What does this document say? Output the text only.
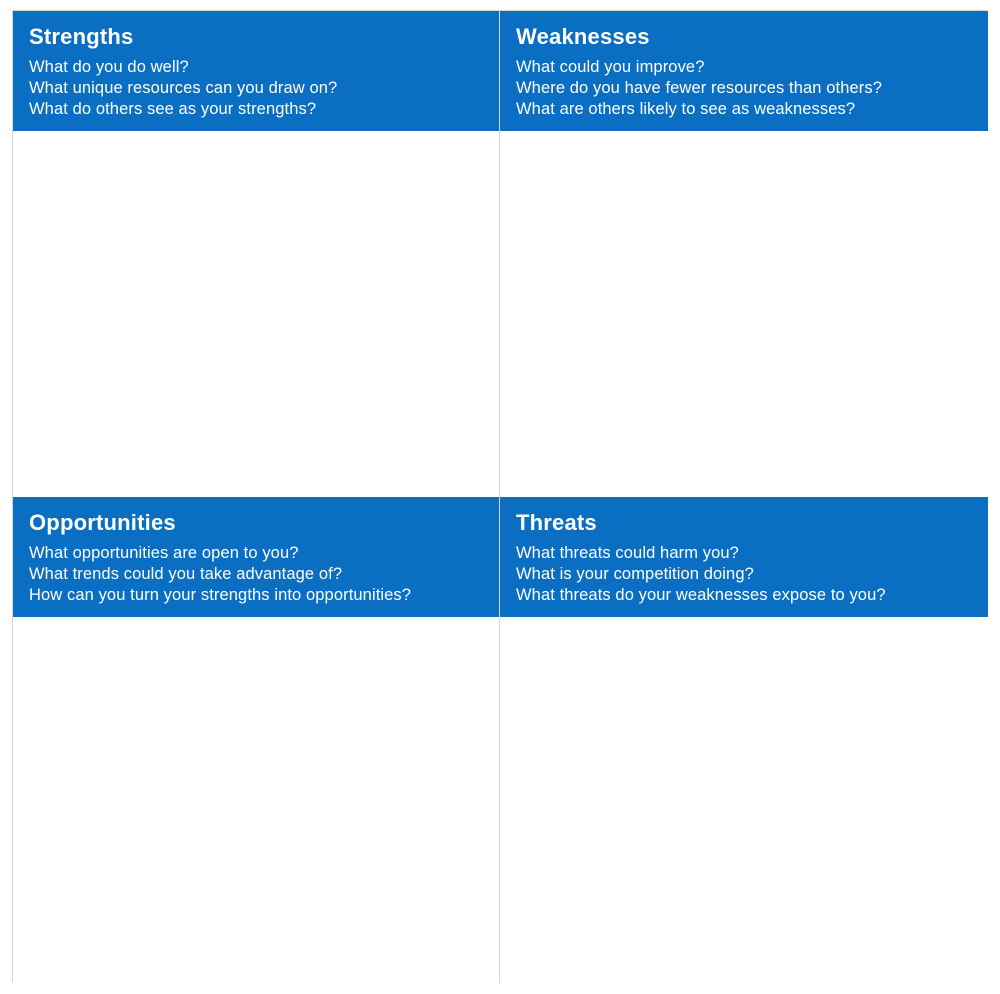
Strengths
What do you do well?
What unique resources can you draw on?
What do others see as your strengths?
Weaknesses
What could you improve?
Where do you have fewer resources than others?
What are others likely to see as weaknesses?
Opportunities
What opportunities are open to you?
What trends could you take advantage of?
How can you turn your strengths into opportunities?
Threats
What threats could harm you?
What is your competition doing?
What threats do your weaknesses expose to you?
